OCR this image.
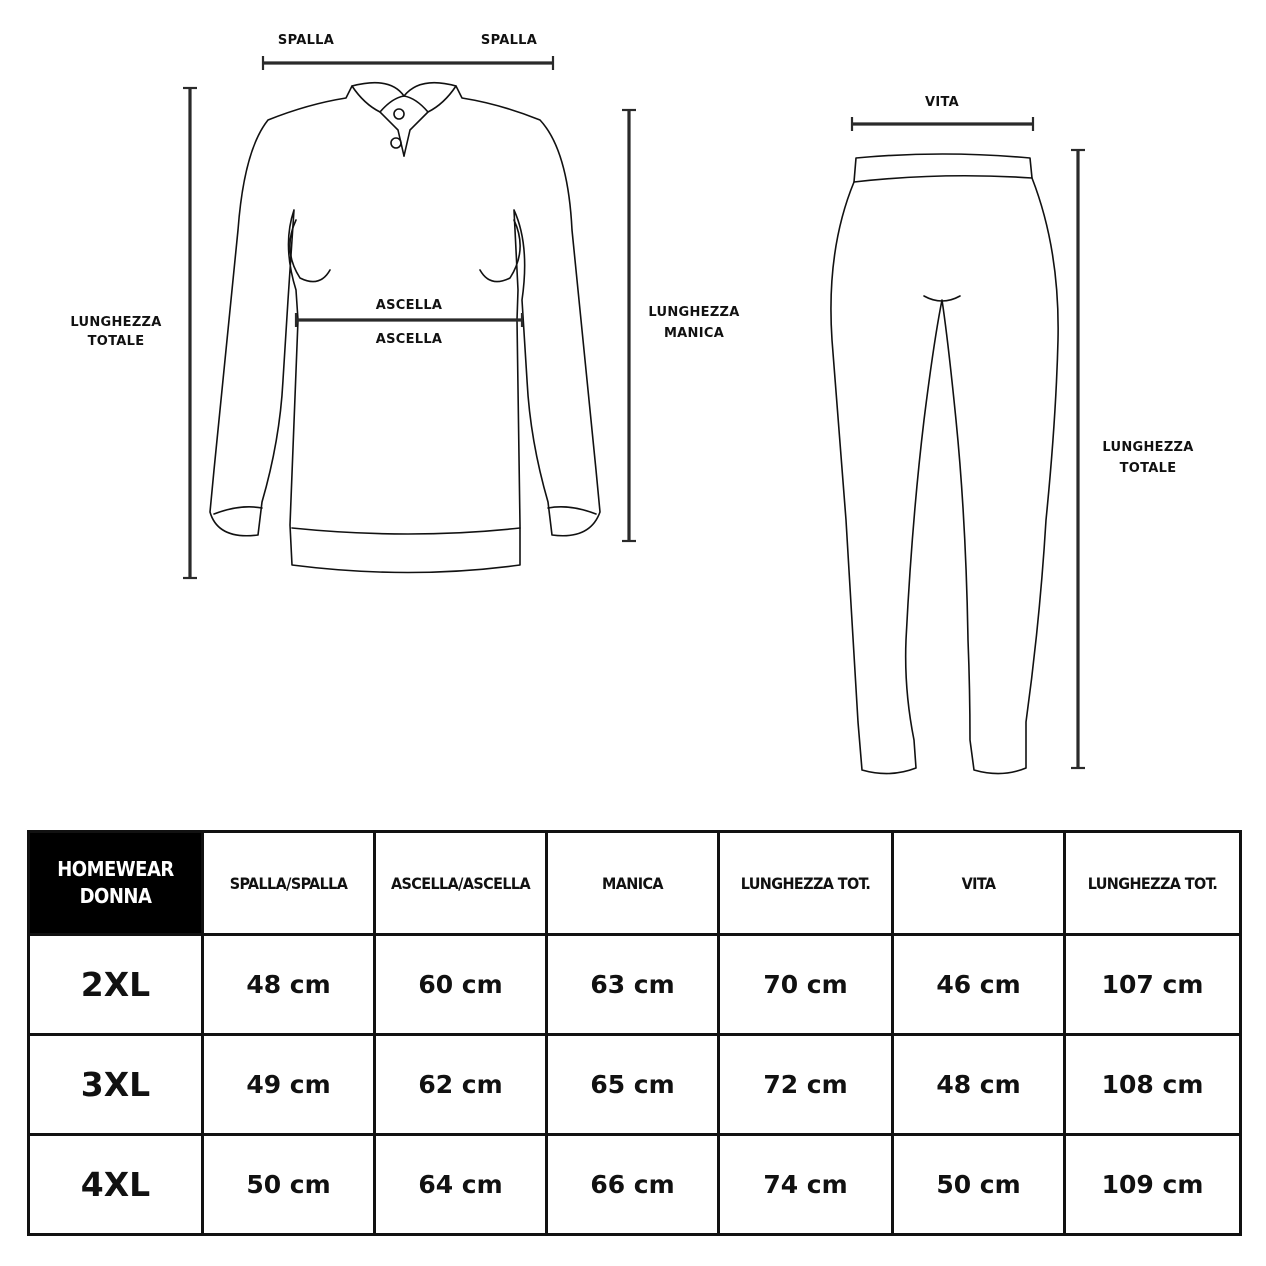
SPALLA	SPALLA
LUNGHEZZA
TOTALE
LUNGHEZZA
MANICA
ASCELLA
ASCELLA
VITA
LUNGHEZZA
TOTALE
HOMEWEAR
DONNA	SPALLA/SPALLA	ASCELLA/ASCELLA	MANICA	LUNGHEZZA TOT.	VITA	LUNGHEZZA TOT.
2XL	48 cm	60 cm	63 cm	70 cm	46 cm	107 cm
3XL	49 cm	62 cm	65 cm	72 cm	48 cm	108 cm
4XL	50 cm	64 cm	66 cm	74 cm	50 cm	109 cm
